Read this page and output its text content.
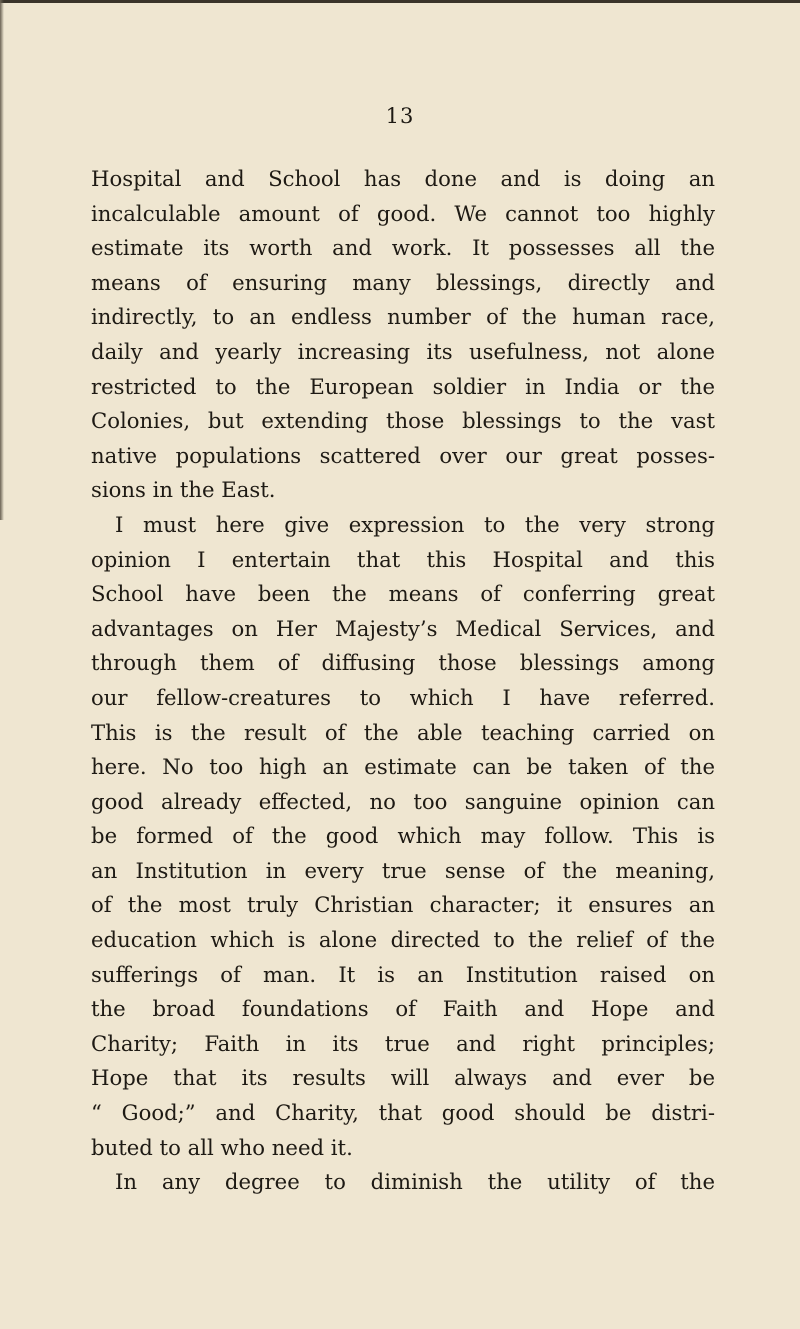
13
Hospital and School has done and is doing an
incalculable amount of good. We cannot too highly
estimate its worth and work. It possesses all the
means of ensuring many blessings, directly and
indirectly, to an endless number of the human race,
daily and yearly increasing its usefulness, not alone
restricted to the European soldier in India or the
Colonies, but extending those blessings to the vast
native populations scattered over our great posses-
sions in the East.
I must here give expression to the very strong
opinion I entertain that this Hospital and this
School have been the means of conferring great
advantages on Her Majesty’s Medical Services, and
through them of diffusing those blessings among
our fellow-creatures to which I have referred.
This is the result of the able teaching carried on
here. No too high an estimate can be taken of the
good already effected, no too sanguine opinion can
be formed of the good which may follow. This is
an Institution in every true sense of the meaning,
of the most truly Christian character; it ensures an
education which is alone directed to the relief of the
sufferings of man. It is an Institution raised on
the broad foundations of Faith and Hope and
Charity; Faith in its true and right principles;
Hope that its results will always and ever be
“ Good;” and Charity, that good should be distri-
buted to all who need it.
In any degree to diminish the utility of the
